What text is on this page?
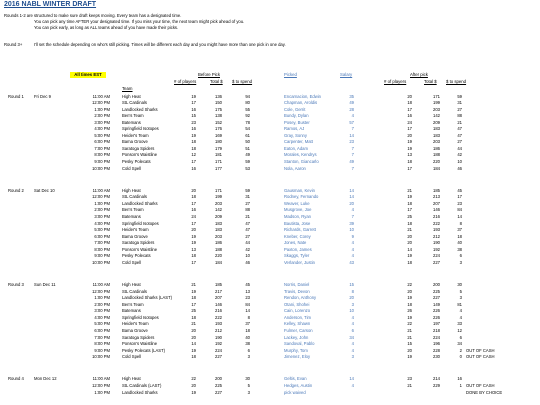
2016 NABL WINTER DRAFT
Rounds 1-2 are structured to make sure draft keeps moving. Every team has a designated time.
You can pick any time AFTER your designated time. If you miss your time, the next team might pick ahead of you.
You can pick early, as long as ALL teams ahead of you have made their picks.
Round 3+	I'll set the schedule depending on who's still picking. Times will be different each day and you might have more than one pick in one day.
All times EST	Before Pick	Picked	Salary	After pick
# of players	Total $ $ to spend	# of players	Total $ $ to spend
Team
Round 1 Fri Dec 9	11:00 AM	High Heat	19	136	94	Encarnacion, Edwin	35	20	171	59
12:00 PM	StL Cardinals	17	150	80	Chapman, Aroldis	49	18	199	31
1:00 PM	Landlocked Sharks	16	175	55	Cole, Gerrit	28	17	203	27
2:00 PM	Ben's Team	15	138	92	Bundy, Dylan	4	16	142	88
3:00 PM	Batemans	23	152	78	Posey, Buster	57	24	209	21
4:00 PM	Springfield Isotopes	16	176	54	Ramos, AJ	7	17	183	47
5:00 PM	Heider's Team	19	169	61	Gray, Sonny	14	20	183	47
6:00 PM	Bama Groove	18	180	50	Carpenter, Matt	23	19	203	27
7:00 PM	Saratoga Spiders	18	179	51	Eaton, Adam	7	19	186	44
8:00 PM	Ponson's Waistline	12	181	49	Morales, Kendrys	7	13	188	42
9:00 PM	Pesky Polecats	17	171	59	Stanton, Giancarlo	49	18	220	10
10:00 PM	Cold Spell	16	177	53	Nola, Aaron	7	17	184	46
Round 2 Sat Dec 10	11:00 AM	High Heat	20	171	59	Gausman, Kevin	14	21	185	45
12:00 PM	StL Cardinals	18	199	31	Rodney, Fernando	14	19	213	17
1:00 PM	Landlocked Sharks	17	203	27	Weaver, Luke	20	18	207	23
2:00 PM	Ben's Team	16	142	88	Musgrove, Joe	4	17	146	84
3:00 PM	Batemans	24	209	21	Madson, Ryan	7	25	216	14
4:00 PM	Springfield Isotopes	17	183	47	Bautista, Jose	39	18	222	8
5:00 PM	Heider's Team	20	183	47	Richards, Garrett	10	21	193	37
6:00 PM	Bama Groove	19	203	27	Kneber, Corey	9	20	212	18
7:00 PM	Saratoga Spiders	19	186	44	Jones, Nate	4	20	190	40
8:00 PM	Ponson's Waistline	13	188	42	Paxton, James	4	14	192	38
9:00 PM	Pesky Polecats	18	220	10	Skaggs, Tyler	4	19	224	6
10:00 PM	Cold Spell	17	184	46	Verlander, Justin	43	18	227	3
Round 3 Sun Dec 11	11:00 AM	High Heat	21	185	45	Norris, Daniel	15	22	200	30
12:00 PM	StL Cardinals	19	217	13	Travis, Devon	8	20	225	5
1:00 PM	Landlocked Sharks (LAST)	18	207	23	Rendon, Anthony	20	19	227	3
2:00 PM	Ben's Team	17	146	84	Otani, Shohei	3	18	149	81
3:00 PM	Batemans	25	216	14	Cain, Lorenzo	10	26	226	4
4:00 PM	Springfield Isotopes	18	222	8	Anderson, Tim	4	19	226	4
5:00 PM	Heider's Team	21	193	37	Kelley, Shawn	4	22	197	33
6:00 PM	Bama Groove	20	212	18	Fulmer, Carson	6	21	218	12
7:00 PM	Saratoga Spiders	20	190	40	Lackey, John	34	21	224	6
8:00 PM	Ponson's Waistline	14	192	38	Sandoval, Pablo	4	15	196	34
9:00 PM	Pesky Polecats (LAST)	19	224	6	Murphy, Tom	4	20	228	2 OUT OF CASH
10:00 PM	Cold Spell	18	227	3	Jimenez, Eloy	3	19	230	0 OUT OF CASH
Round 4 Mon Dec 12	11:00 AM	High Heat	22	200	30	Geltis, Evan	14	23	214	16
12:00 PM	StL Cardinals (LAST)	20	225	5	Hedges, Austin	4	21	229	1 OUT OF CASH
1:00 PM	Landlocked Sharks	19	227	3	pick waived	DONE BY CHOICE
